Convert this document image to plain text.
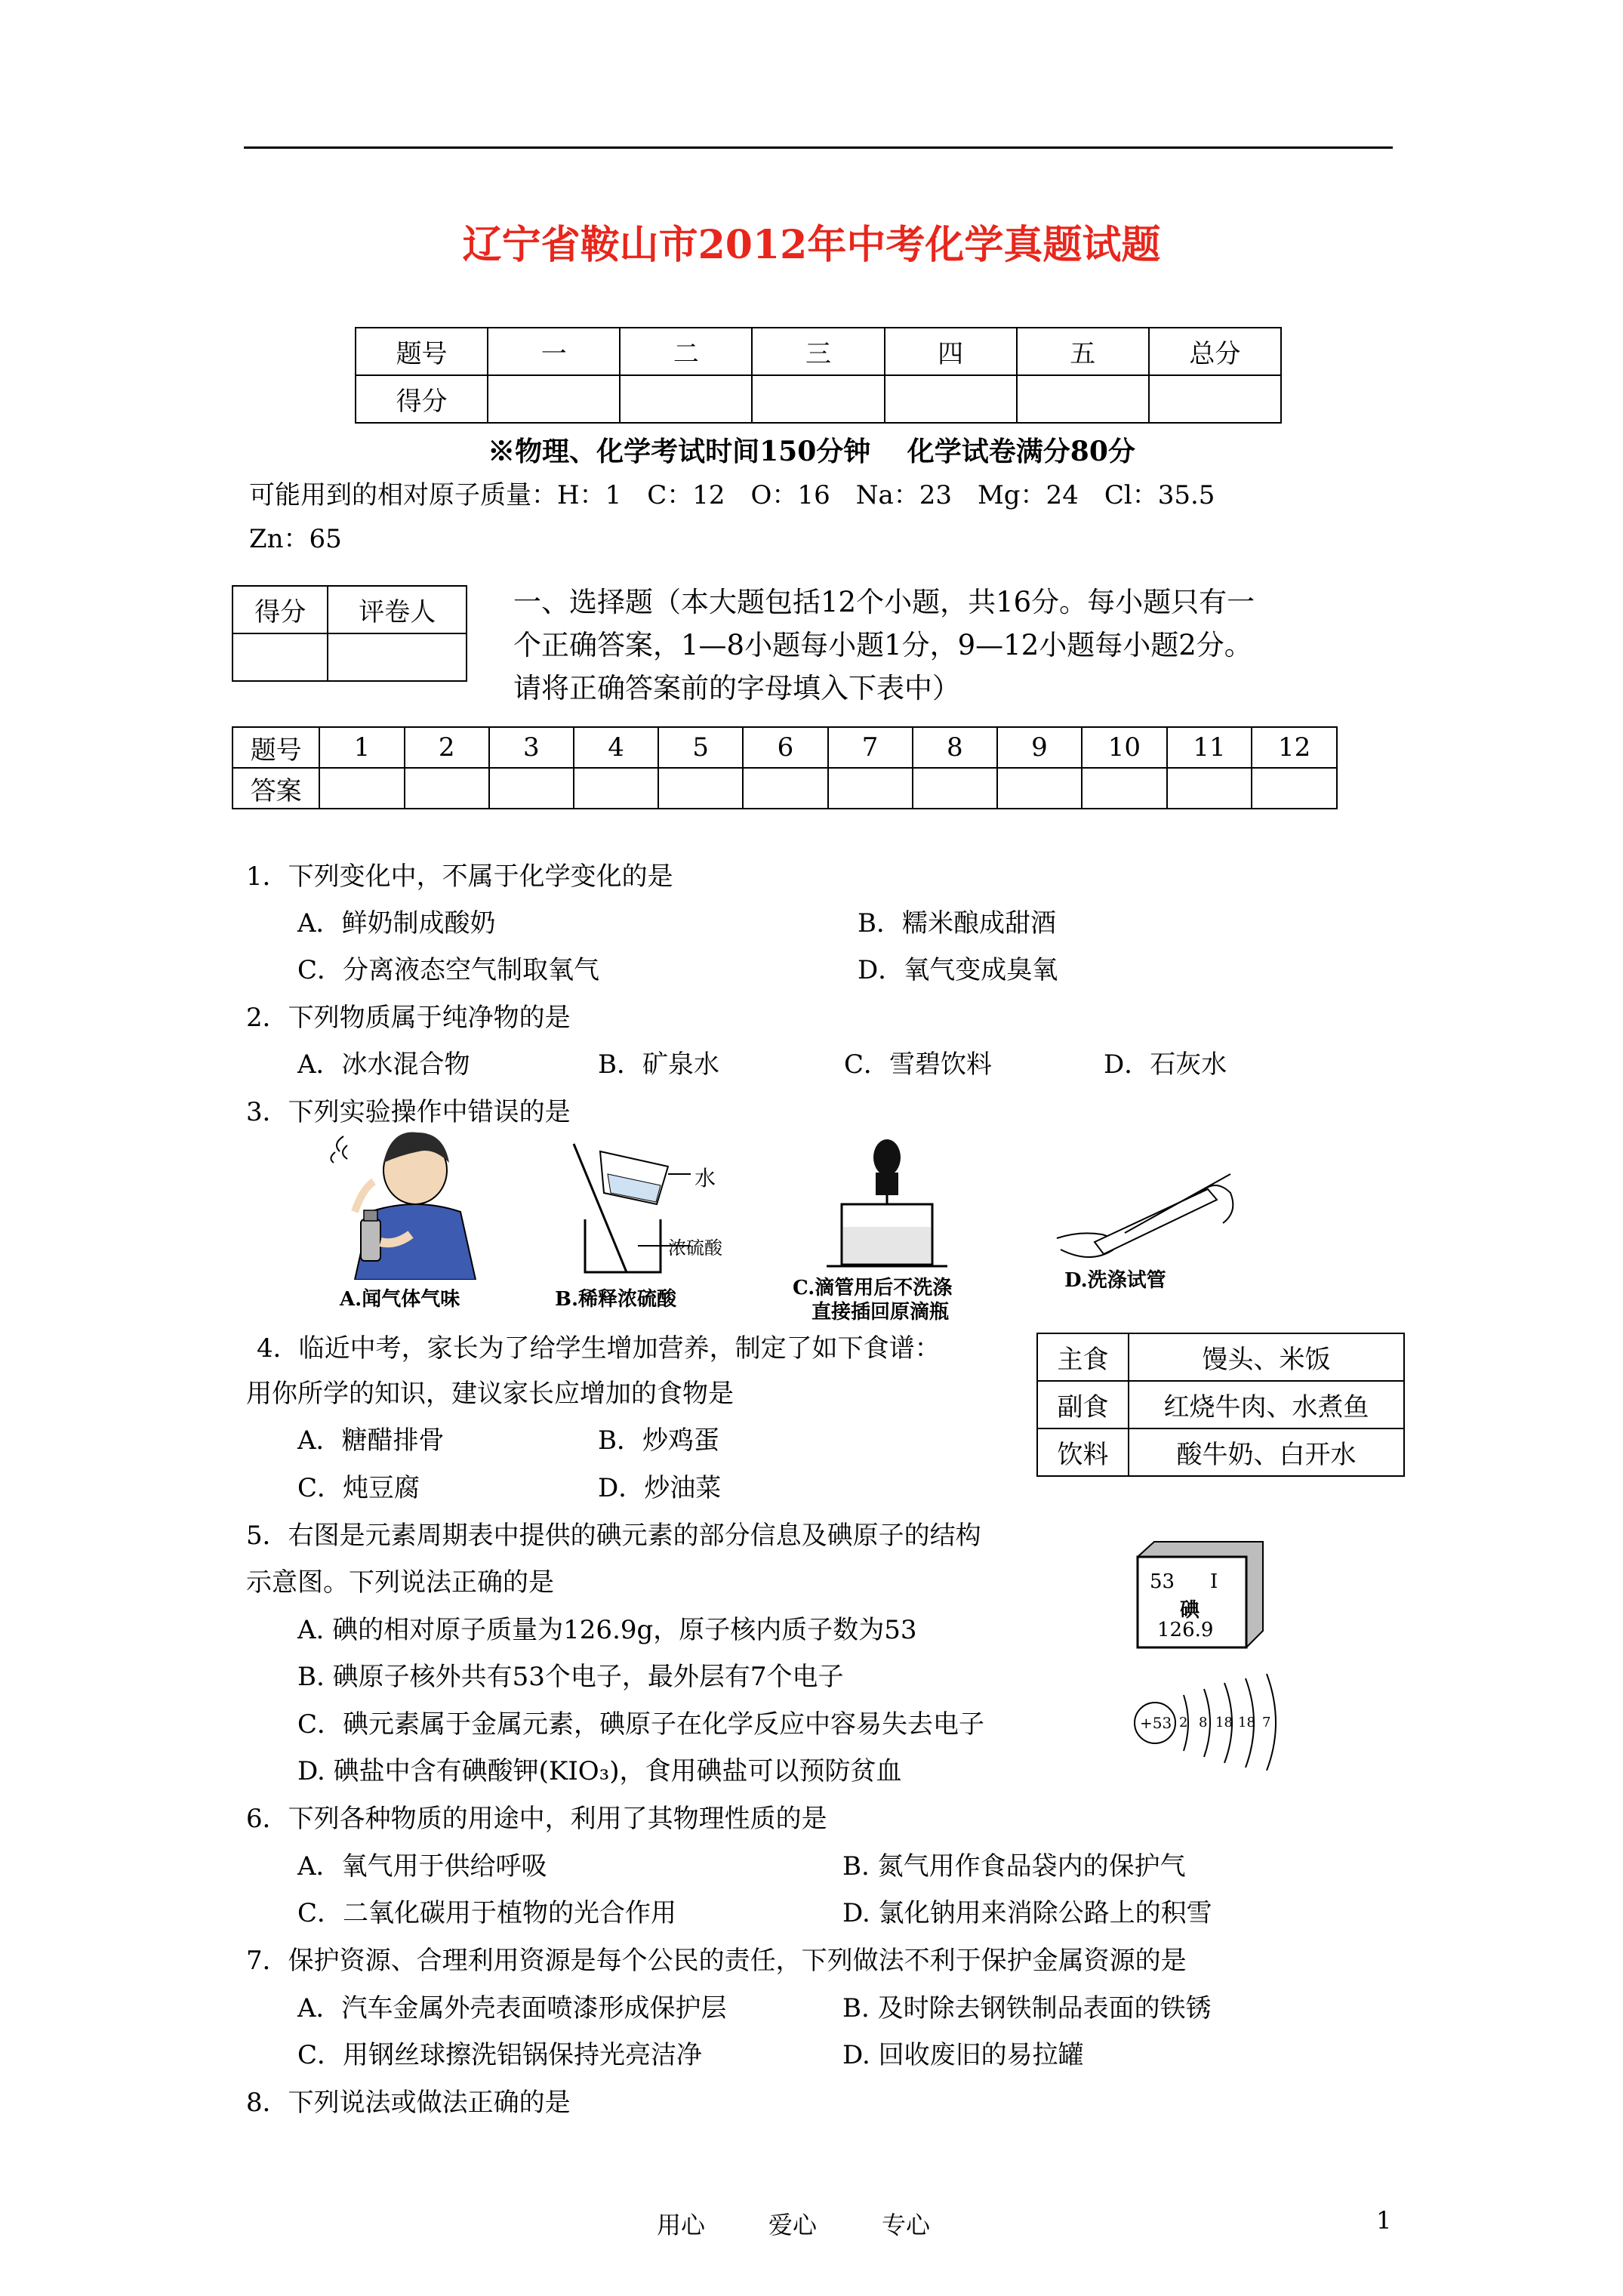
辽宁省鞍山市2012年中考化学真题试题
题号	一	二	三	四	五	总分
得分						
※物理、化学考试时间150分钟　 化学试卷满分80分
可能用到的相对原子质量：H：1　C：12　O：16　Na：23　Mg：24　Cl：35.5
Zn：65
得分	评卷人
		一、选择题（本大题包括12个小题，共16分。每小题只有一
个正确答案，1—8小题每小题1分，9—12小题每小题2分。
请将正确答案前的字母填入下表中）
题号	1	2	3	4	5	6	7	8	9	10	11	12
答案												
1．下列变化中，不属于化学变化的是
A．鲜奶制成酸奶	B．糯米酿成甜酒
C．分离液态空气制取氧气	D．氧气变成臭氧
2．下列物质属于纯净物的是
A．冰水混合物	B．矿泉水	C．雪碧饮料	D．石灰水
3．下列实验操作中错误的是
A.闻气体气味
水
浓硫酸
B.稀释浓硫酸	C.滴管用后不洗涤
直接插回原滴瓶
D.洗涤试管
4．临近中考，家长为了给学生增加营养，制定了如下食谱：
用你所学的知识，建议家长应增加的食物是
A．糖醋排骨	B．炒鸡蛋
C．炖豆腐	D．炒油菜
主食	馒头、米饭
副食	红烧牛肉、水煮鱼
饮料	酸牛奶、白开水
5．右图是元素周期表中提供的碘元素的部分信息及碘原子的结构
示意图。下列说法正确的是
A. 碘的相对原子质量为126.9g，原子核内质子数为53
B. 碘原子核外共有53个电子，最外层有7个电子
C．碘元素属于金属元素，碘原子在化学反应中容易失去电子
D. 碘盐中含有碘酸钾(KIO₃)，食用碘盐可以预防贫血
53 I
碘
126.9
+53 2 8 18 18 7
6．下列各种物质的用途中，利用了其物理性质的是
A．氧气用于供给呼吸	B. 氮气用作食品袋内的保护气
C．二氧化碳用于植物的光合作用	D. 氯化钠用来消除公路上的积雪
7．保护资源、合理利用资源是每个公民的责任，下列做法不利于保护金属资源的是
A．汽车金属外壳表面喷漆形成保护层	B. 及时除去钢铁制品表面的铁锈
C．用钢丝球擦洗铝锅保持光亮洁净	D. 回收废旧的易拉罐
8．下列说法或做法正确的是
用心	爱心	专心	1
